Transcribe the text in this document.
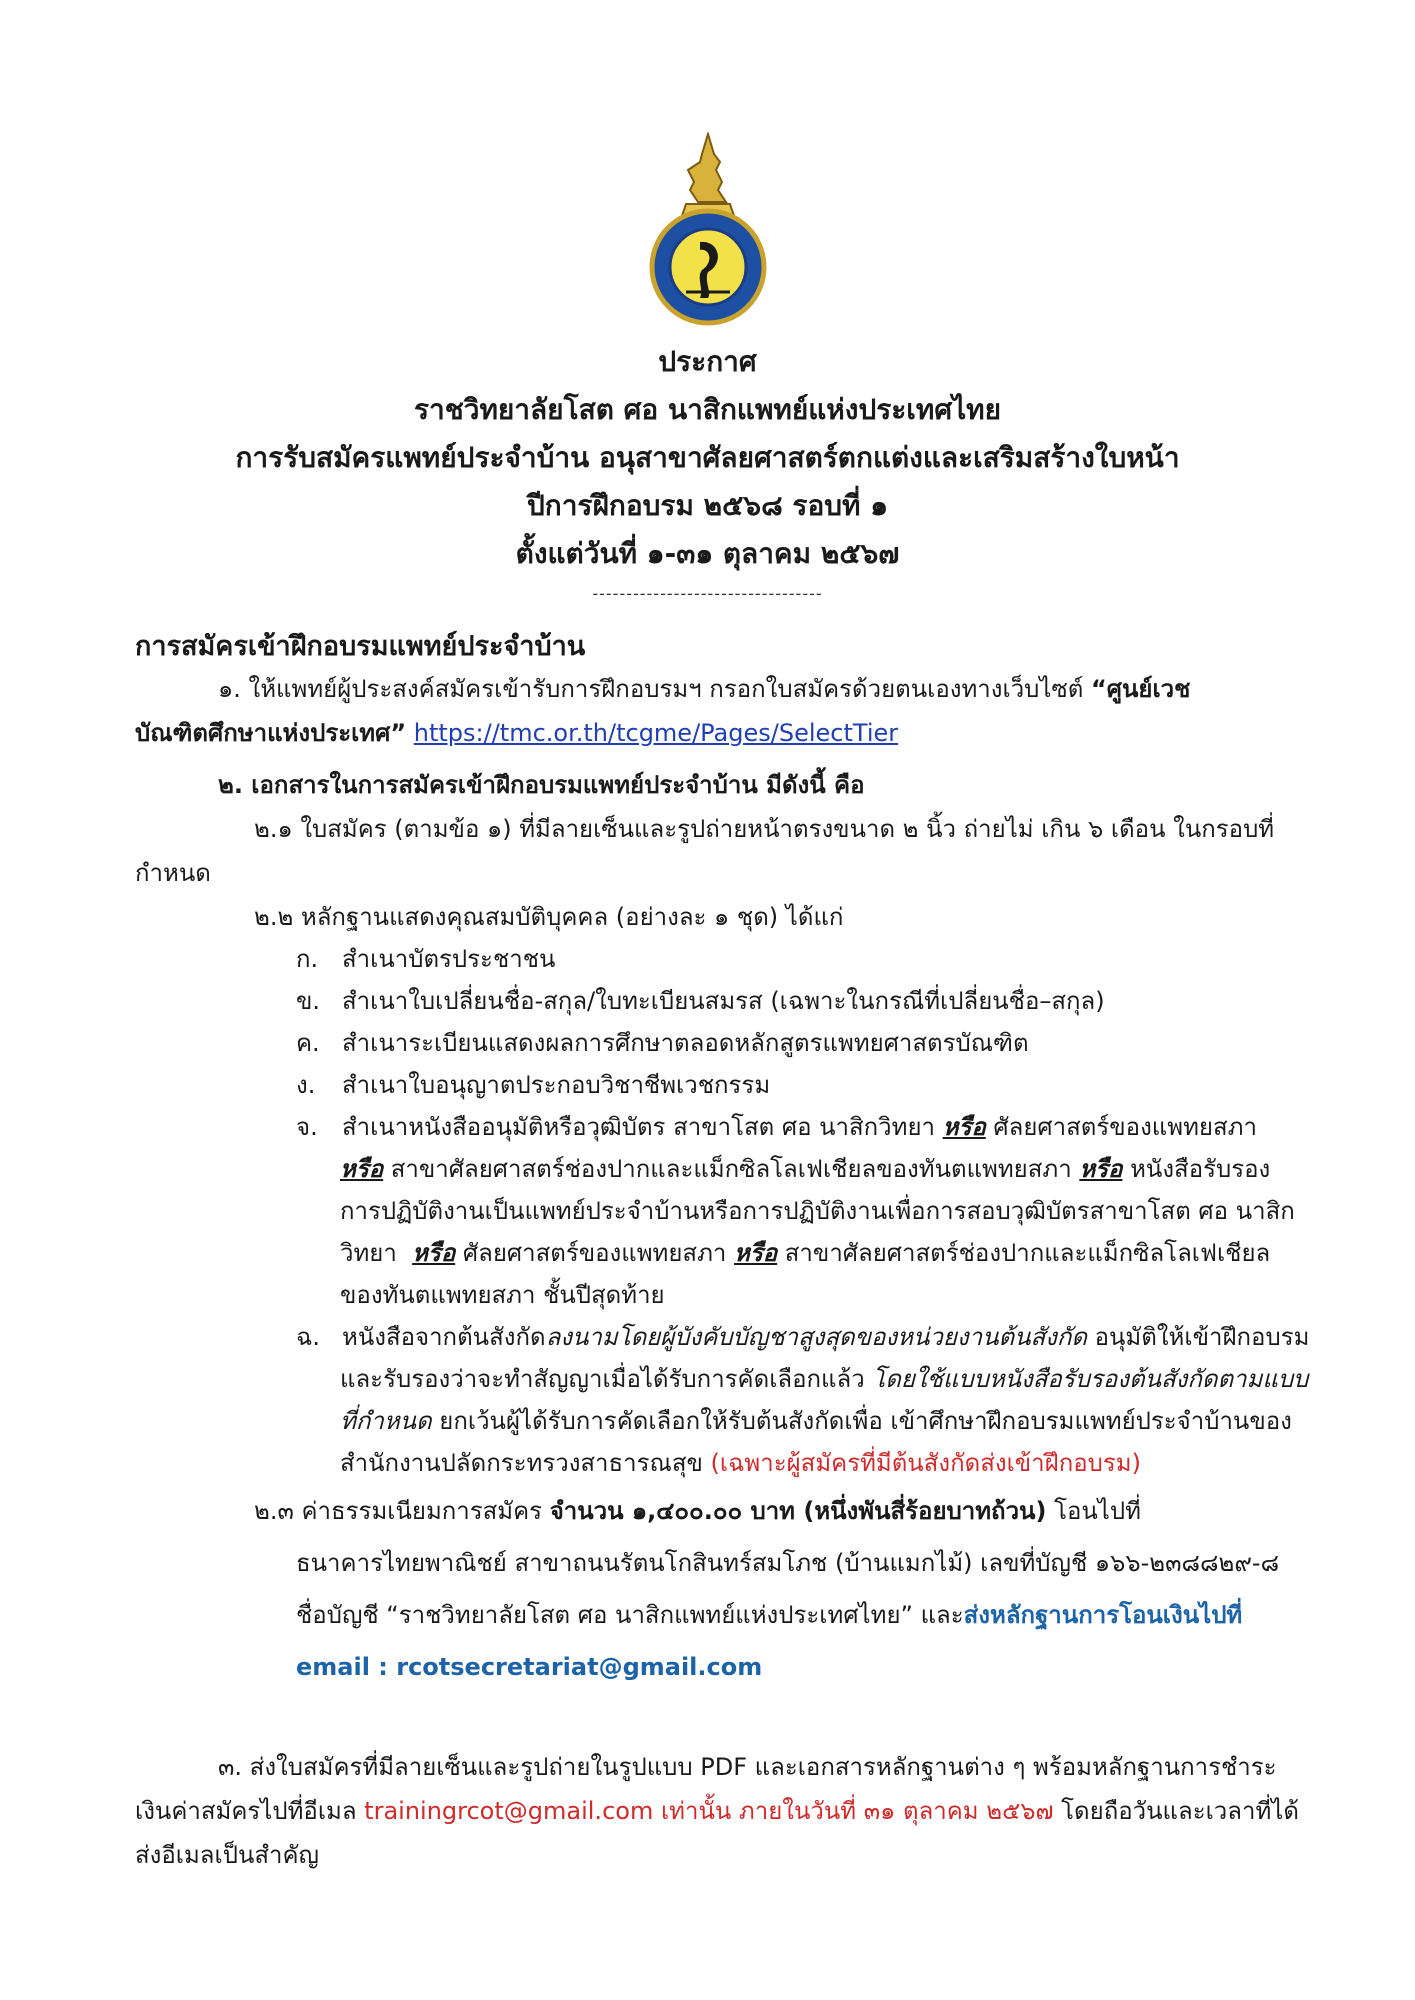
ประกาศ
ราชวิทยาลัยโสต ศอ นาสิกแพทย์แห่งประเทศไทย
การรับสมัครแพทย์ประจำบ้าน อนุสาขาศัลยศาสตร์ตกแต่งและเสริมสร้างใบหน้า
ปีการฝึกอบรม ๒๕๖๘ รอบที่ ๑
ตั้งแต่วันที่ ๑-๓๑ ตุลาคม ๒๕๖๗
----------------------------------
การสมัครเข้าฝึกอบรมแพทย์ประจำบ้าน
๑. ให้แพทย์ผู้ประสงค์สมัครเข้ารับการฝึกอบรมฯ กรอกใบสมัครด้วยตนเองทางเว็บไซต์ “ศูนย์เวช
บัณฑิตศึกษาแห่งประเทศ” https://tmc.or.th/tcgme/Pages/SelectTier
๒. เอกสารในการสมัครเข้าฝึกอบรมแพทย์ประจำบ้าน มีดังนี้ คือ
๒.๑ ใบสมัคร (ตามข้อ ๑) ที่มีลายเซ็นและรูปถ่ายหน้าตรงขนาด ๒ นิ้ว ถ่ายไม่ เกิน ๖ เดือน ในกรอบที่
กำหนด
๒.๒ หลักฐานแสดงคุณสมบัติบุคคล (อย่างละ ๑ ชุด) ได้แก่
ก. สำเนาบัตรประชาชน
ข. สำเนาใบเปลี่ยนชื่อ-สกุล/ใบทะเบียนสมรส (เฉพาะในกรณีที่เปลี่ยนชื่อ–สกุล)
ค. สำเนาระเบียนแสดงผลการศึกษาตลอดหลักสูตรแพทยศาสตรบัณฑิต
ง. สำเนาใบอนุญาตประกอบวิชาชีพเวชกรรม
จ. สำเนาหนังสืออนุมัติหรือวุฒิบัตร สาขาโสต ศอ นาสิกวิทยา หรือ ศัลยศาสตร์ของแพทยสภา
หรือ สาขาศัลยศาสตร์ช่องปากและแม็กซิลโลเฟเชียลของทันตแพทยสภา หรือ หนังสือรับรอง
การปฏิบัติงานเป็นแพทย์ประจำบ้านหรือการปฏิบัติงานเพื่อการสอบวุฒิบัตรสาขาโสต ศอ นาสิก
วิทยา หรือ ศัลยศาสตร์ของแพทยสภา หรือ สาขาศัลยศาสตร์ช่องปากและแม็กซิลโลเฟเชียล
ของทันตแพทยสภา ชั้นปีสุดท้าย
ฉ. หนังสือจากต้นสังกัดลงนามโดยผู้บังคับบัญชาสูงสุดของหน่วยงานต้นสังกัด อนุมัติให้เข้าฝึกอบรม
และรับรองว่าจะทำสัญญาเมื่อได้รับการคัดเลือกแล้ว โดยใช้แบบหนังสือรับรองต้นสังกัดตามแบบ
ที่กำหนด ยกเว้นผู้ได้รับการคัดเลือกให้รับต้นสังกัดเพื่อ เข้าศึกษาฝึกอบรมแพทย์ประจำบ้านของ
สำนักงานปลัดกระทรวงสาธารณสุข (เฉพาะผู้สมัครที่มีต้นสังกัดส่งเข้าฝึกอบรม)
๒.๓ ค่าธรรมเนียมการสมัคร จำนวน ๑,๔๐๐.๐๐ บาท (หนึ่งพันสี่ร้อยบาทถ้วน) โอนไปที่
ธนาคารไทยพาณิชย์ สาขาถนนรัตนโกสินทร์สมโภช (บ้านแมกไม้) เลขที่บัญชี ๑๖๖-๒๓๘๘๒๙-๘
ชื่อบัญชี “ราชวิทยาลัยโสต ศอ นาสิกแพทย์แห่งประเทศไทย” และส่งหลักฐานการโอนเงินไปที่
email : rcotsecretariat@gmail.com
๓. ส่งใบสมัครที่มีลายเซ็นและรูปถ่ายในรูปแบบ PDF และเอกสารหลักฐานต่าง ๆ พร้อมหลักฐานการชำระ
เงินค่าสมัครไปที่อีเมล trainingrcot@gmail.com เท่านั้น ภายในวันที่ ๓๑ ตุลาคม ๒๕๖๗ โดยถือวันและเวลาที่ได้
ส่งอีเมลเป็นสำคัญ
